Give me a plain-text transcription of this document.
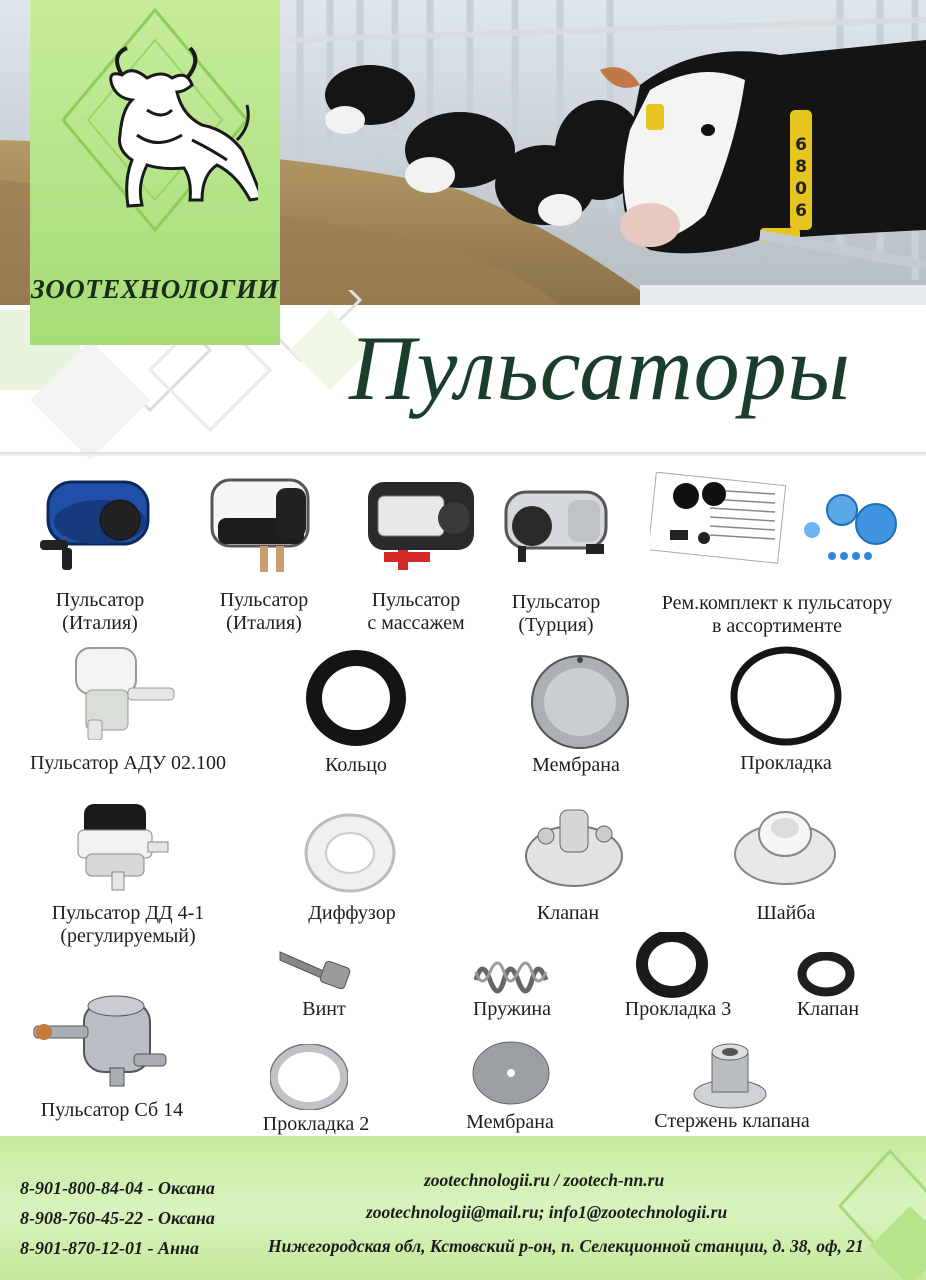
6
8
0
6
ЗООТЕХНОЛОГИИ
Пульсаторы
Пульсатор
(Италия)
Пульсатор
(Италия)
Пульсатор
с массажем
Пульсатор
(Турция)
Рем.комплект к пульсатору
в ассортименте
Пульсатор АДУ 02.100	Кольцо	Мембрана	Прокладка
Пульсатор ДД 4-1
(регулируемый)
Диффузор	Клапан	Шайба
Винт	Пружина	Прокладка 3	Клапан
Пульсатор Сб 14
Прокладка 2	Мембрана	Стержень клапана
8-901-800-84-04 - Оксана
8-908-760-45-22 - Оксана
8-901-870-12-01 - Анна
zootechnologii.ru / zootech-nn.ru
zootechnologii@mail.ru; info1@zootechnologii.ru
Нижегородская обл, Кстовский р-он, п. Селекционной станции, д. 38, оф, 21
